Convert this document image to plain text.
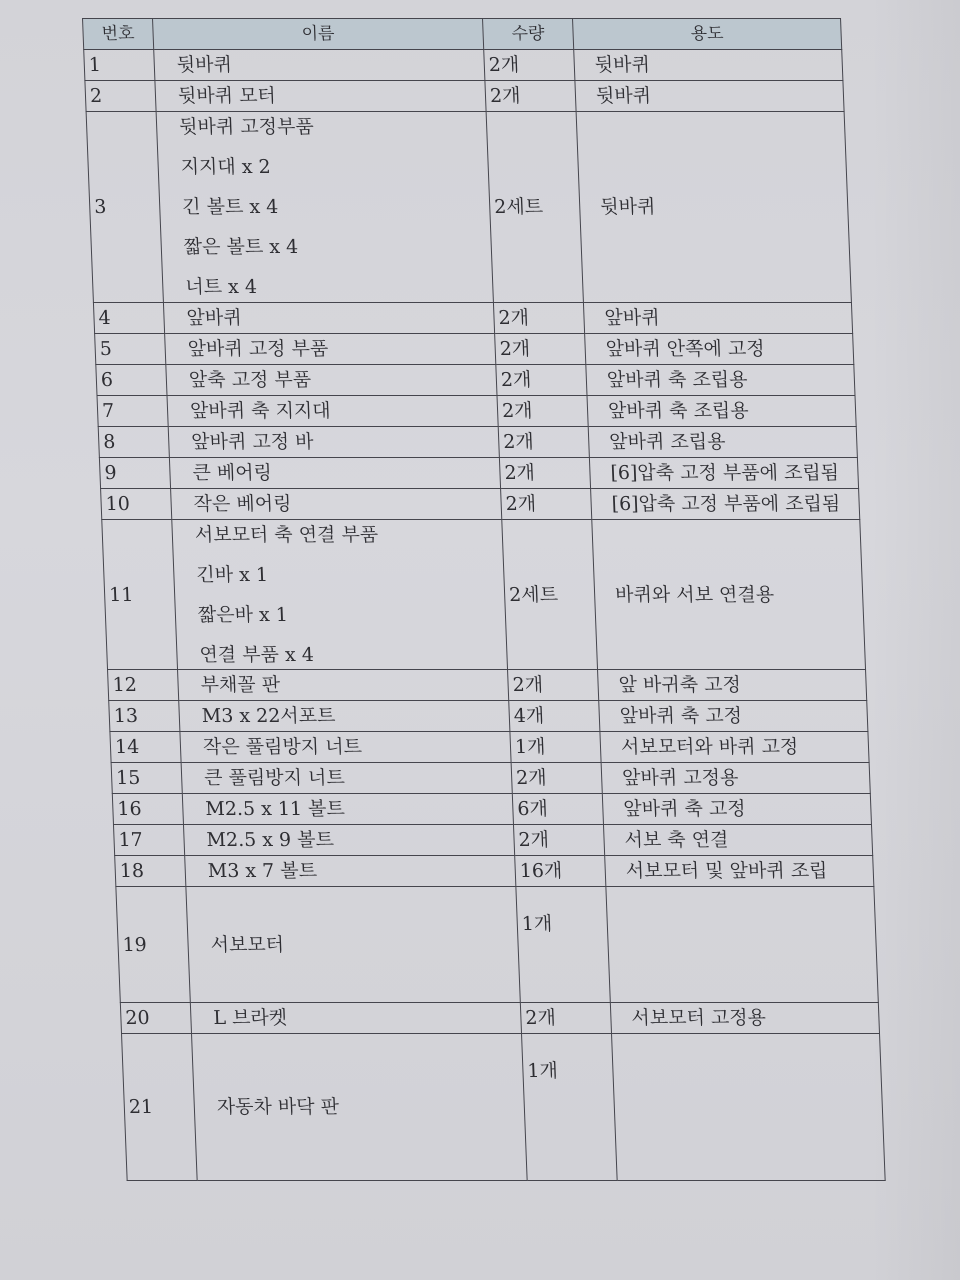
번호	이름	수량	용도
1	뒷바퀴	2개	뒷바퀴
2	뒷바퀴 모터	2개	뒷바퀴
3	뒷바퀴 고정부품
지지대 x 2
긴 볼트 x 4
짧은 볼트 x 4
너트 x 4	2세트	뒷바퀴
4	앞바퀴	2개	앞바퀴
5	앞바퀴 고정 부품	2개	앞바퀴 안쪽에 고정
6	앞축 고정 부품	2개	앞바퀴 축 조립용
7	앞바퀴 축 지지대	2개	앞바퀴 축 조립용
8	앞바퀴 고정 바	2개	앞바퀴 조립용
9	큰 베어링	2개	[6]압축 고정 부품에 조립됨
10	작은 베어링	2개	[6]압축 고정 부품에 조립됨
11	서보모터 축 연결 부품
긴바 x 1
짧은바 x 1
연결 부품 x 4	2세트	바퀴와 서보 연결용
12	부채꼴 판	2개	앞 바귀축 고정
13	M3 x 22서포트	4개	앞바퀴 축 고정
14	작은 풀림방지 너트	1개	서보모터와 바퀴 고정
15	큰 풀림방지 너트	2개	앞바퀴 고정용
16	M2.5 x 11 볼트	6개	앞바퀴 축 고정
17	M2.5 x 9 볼트	2개	서보 축 연결
18	M3 x 7 볼트	16개	서보모터 및 앞바퀴 조립
19	서보모터	1개	
20	L 브라켓	2개	서보모터 고정용
21	자동차 바닥 판	1개	
